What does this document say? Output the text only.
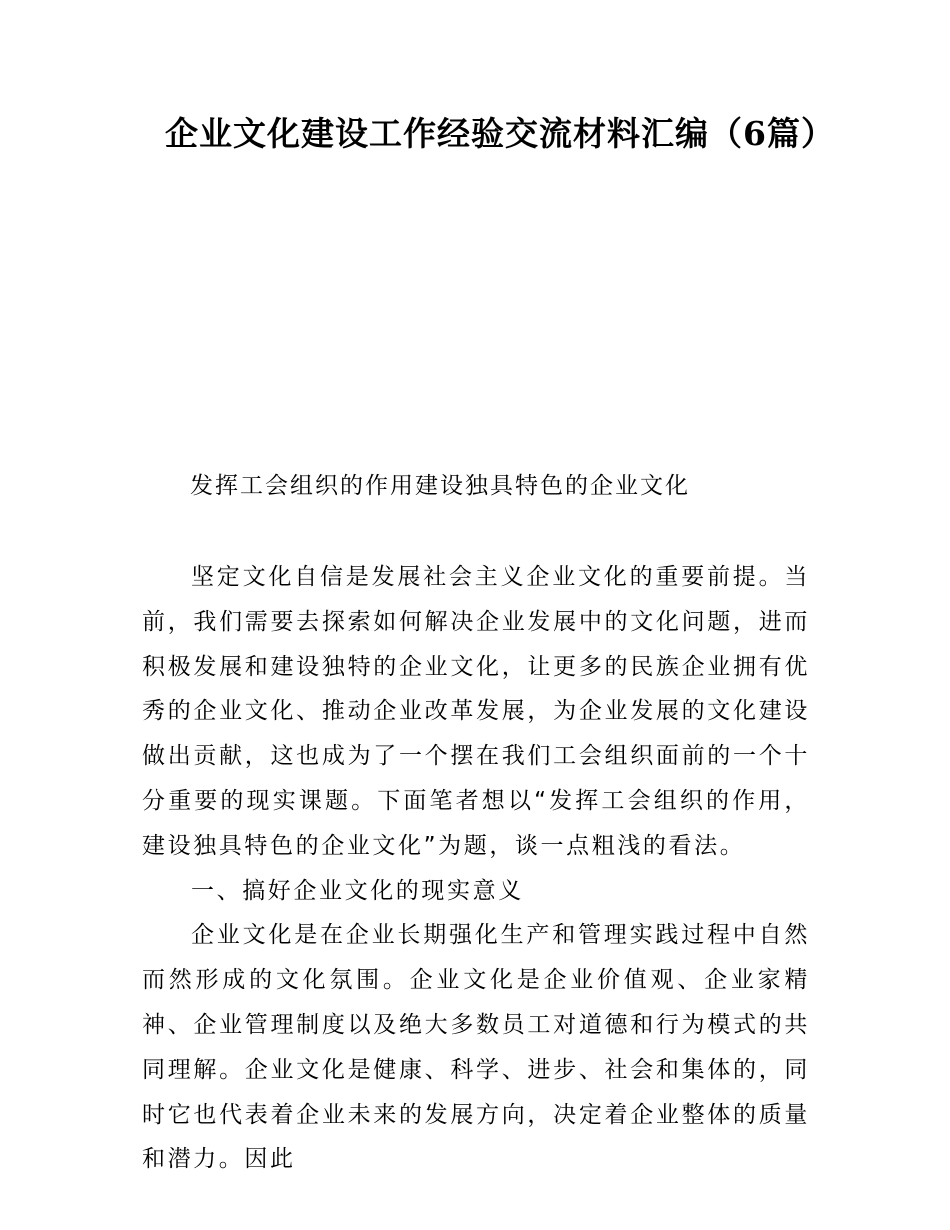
企业文化建设工作经验交流材料汇编（6篇）
发挥工会组织的作用建设独具特色的企业文化

坚定文化自信是发展社会主义企业文化的重要前提。当前，我们需要去探索如何解决企业发展中的文化问题，进而积极发展和建设独特的企业文化，让更多的民族企业拥有优秀的企业文化、推动企业改革发展，为企业发展的文化建设做出贡献，这也成为了一个摆在我们工会组织面前的一个十分重要的现实课题。下面笔者想以“发挥工会组织的作用，建设独具特色的企业文化”为题，谈一点粗浅的看法。

一、搞好企业文化的现实意义

企业文化是在企业长期强化生产和管理实践过程中自然而然形成的文化氛围。企业文化是企业价值观、企业家精神、企业管理制度以及绝大多数员工对道德和行为模式的共同理解。企业文化是健康、科学、进步、社会和集体的，同时它也代表着企业未来的发展方向，决定着企业整体的质量和潜力。因此
